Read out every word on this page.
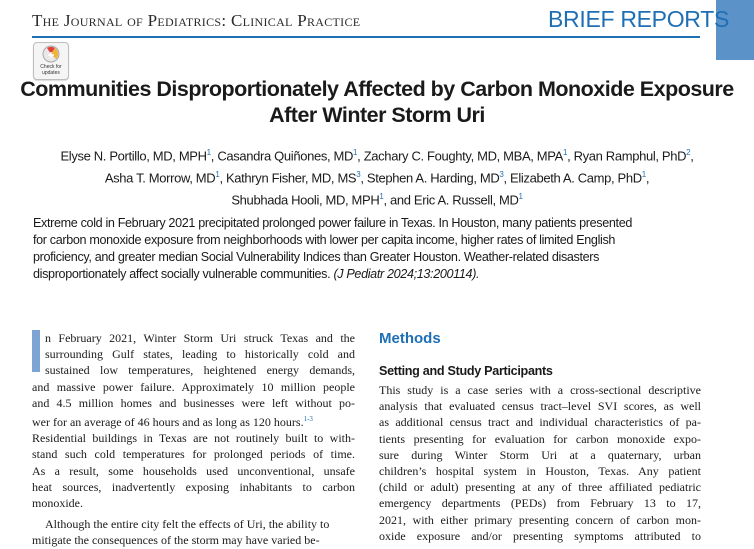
The Journal of Pediatrics: Clinical Practice	BRIEF REPORTS
Check for
updates
Communities Disproportionately Affected by Carbon Monoxide Exposure
After Winter Storm Uri
Elyse N. Portillo, MD, MPH$^1$, Casandra Quiñones, $MD^1$, Zachary C. Foughty, MD, MBA, MPA$^1$, Ryan Ramphul, PhD$^2$,
Asha T. Morrow, $MD^1$, Kathryn Fisher, MD, $MS^3$, Stephen A. Harding, $MD^3$, Elizabeth A. Camp, PhD$^1$,
Shubhada Hooli, MD, MPH$^1$, and Eric A. Russell, $MD^1$
Extreme cold in February 2021 precipitated prolonged power failure in Texas. In Houston, many patients presented
for carbon monoxide exposure from neighborhoods with lower per capita income, higher rates of limited English
proficiency, and greater median Social Vulnerability Indices than Greater Houston. Weather-related disasters
disproportionately affect socially vulnerable communities. (J Pediatr 2024;13:200114).
n February 2021, Winter Storm Uri struck Texas and the
surrounding Gulf states, leading to historically cold and
sustained low temperatures, heightened energy demands,
and massive power failure. Approximately 10 million people
and 4.5 million homes and businesses were left without po-
wer for an average of 46 hours and as long as 120 hours.$^{1-3}$
Residential buildings in Texas are not routinely built to with-
stand such cold temperatures for prolonged periods of time.
As a result, some households used unconventional, unsafe
heat sources, inadvertently exposing inhabitants to carbon
monoxide.
Although the entire city felt the effects of Uri, the ability to
mitigate the consequences of the storm may have varied be-
Methods
Setting and Study Participants
This study is a case series with a cross-sectional descriptive
analysis that evaluated census tract–level SVI scores, as well
as additional census tract and individual characteristics of pa-
tients presenting for evaluation for carbon monoxide expo-
sure during Winter Storm Uri at a quaternary, urban
children’s hospital system in Houston, Texas. Any patient
(child or adult) presenting at any of three affiliated pediatric
emergency departments (PEDs) from February 13 to 17,
2021, with either primary presenting concern of carbon mon-
oxide exposure and/or presenting symptoms attributed to
